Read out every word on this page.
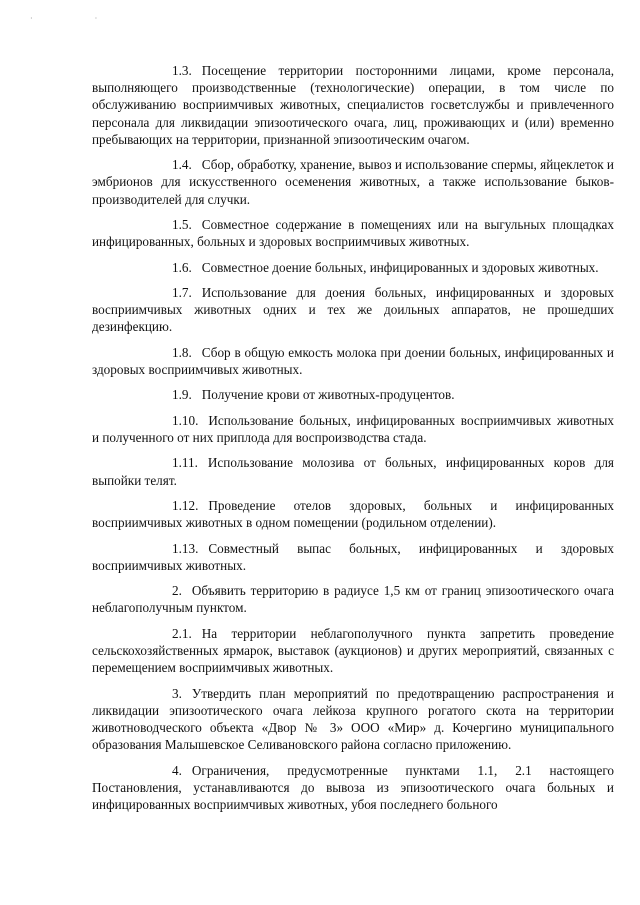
· ·

1.3. Посещение территории посторонними лицами, кроме персонала, выполняющего производственные (технологические) операции, в том числе по обслуживанию восприимчивых животных, специалистов госветслужбы и привлеченного персонала для ликвидации эпизоотического очага, лиц, проживающих и (или) временно пребывающих на территории, признанной эпизоотическим очагом.

1.4. Сбор, обработку, хранение, вывоз и использование спермы, яйцеклеток и эмбрионов для искусственного осеменения животных, а также использование быков-производителей для случки.

1.5. Совместное содержание в помещениях или на выгульных площадках инфицированных, больных и здоровых восприимчивых животных.

1.6. Совместное доение больных, инфицированных и здоровых животных.

1.7. Использование для доения больных, инфицированных и здоровых восприимчивых животных одних и тех же доильных аппаратов, не прошедших дезинфекцию.

1.8. Сбор в общую емкость молока при доении больных, инфицированных и здоровых восприимчивых животных.

1.9. Получение крови от животных-продуцентов.

1.10. Использование больных, инфицированных восприимчивых животных и полученного от них приплода для воспроизводства стада.

1.11. Использование молозива от больных, инфицированных коров для выпойки телят.

1.12. Проведение отелов здоровых, больных и инфицированных восприимчивых животных в одном помещении (родильном отделении).

1.13. Совместный выпас больных, инфицированных и здоровых восприимчивых животных.

2. Объявить территорию в радиусе 1,5 км от границ эпизоотического очага неблагополучным пунктом.

2.1. На территории неблагополучного пункта запретить проведение сельскохозяйственных ярмарок, выставок (аукционов) и других мероприятий, связанных с перемещением восприимчивых животных.

3. Утвердить план мероприятий по предотвращению распространения и ликвидации эпизоотического очага лейкоза крупного рогатого скота на территории животноводческого объекта «Двор № 3» ООО «Мир» д. Кочергино муниципального образования Малышевское Селивановского района согласно приложению.

4. Ограничения, предусмотренные пунктами 1.1, 2.1 настоящего Постановления, устанавливаются до вывоза из эпизоотического очага больных и инфицированных восприимчивых животных, убоя последнего больного
